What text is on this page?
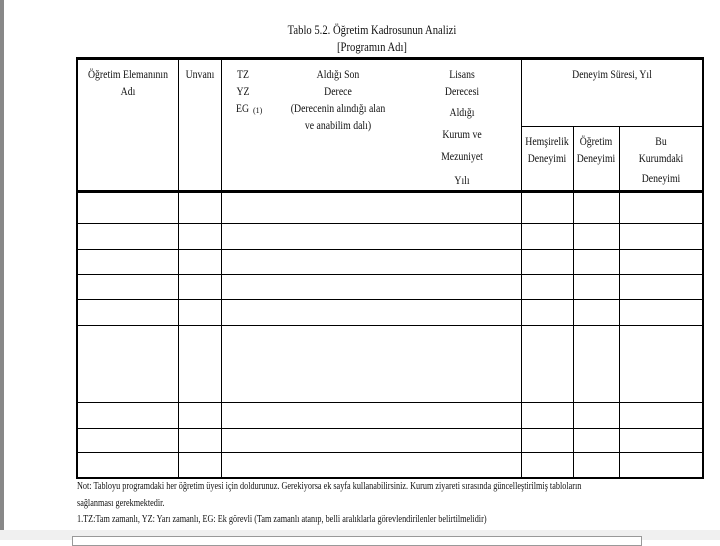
Tablo 5.2. Öğretim Kadrosunun Analizi
[Programın Adı]
Öğretim Elemanının
Adı
Unvanı TZ
YZ
EG (1)
Aldığı Son
Derece
(Derecenin alındığı alan
ve anabilim dalı)
Lisans
Derecesi
Aldığı
Kurum ve
Mezuniyet
Yılı
Deneyim Süresi, Yıl
Hemşirelik
Deneyimi
Öğretim
Deneyimi
Bu
Kurumdaki
Deneyimi
Not: Tabloyu programdaki her öğretim üyesi için doldurunuz. Gerekiyorsa ek sayfa kullanabilirsiniz. Kurum ziyareti sırasında güncelleştirilmiş tabloların
sağlanması gerekmektedir.
1.TZ:Tam zamanlı, YZ: Yarı zamanlı, EG: Ek görevli (Tam zamanlı atanıp, belli aralıklarla görevlendirilenler belirtilmelidir)
